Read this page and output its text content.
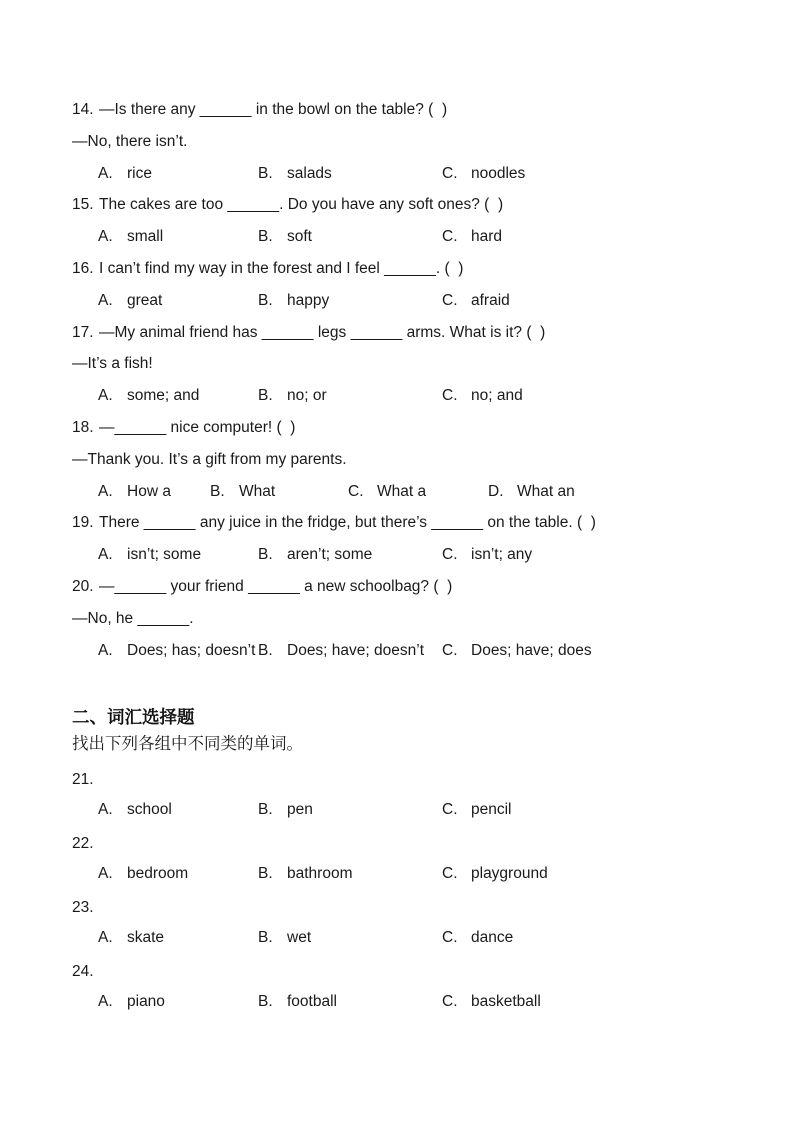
14. —Is there any ______ in the bowl on the table? (  )
—No, there isn’t.
A. rice	B. salads	C. noodles
15. The cakes are too ______. Do you have any soft ones? (  )
A. small	B. soft	C. hard
16. I can’t find my way in the forest and I feel ______. (  )
A. great	B. happy	C. afraid
17. —My animal friend has ______ legs ______ arms. What is it? (  )
—It’s a fish!
A. some; and	B. no; or	C. no; and
18. —______ nice computer! (  )
—Thank you. It’s a gift from my parents.
A. How a	B. What	C. What a	D. What an
19. There ______ any juice in the fridge, but there’s ______ on the table. (  )
A. isn’t; some	B. aren’t; some	C. isn’t; any
20. —______ your friend ______ a new schoolbag? (  )
—No, he ______.
A. Does; has; doesn’t B. Does; have; doesn’t C. Does; have; does
二、词汇选择题
找出下列各组中不同类的单词。
21.
A. school	B. pen	C. pencil
22.
A. bedroom	B. bathroom	C. playground
23.
A. skate	B. wet	C. dance
24.
A. piano	B. football	C. basketball
